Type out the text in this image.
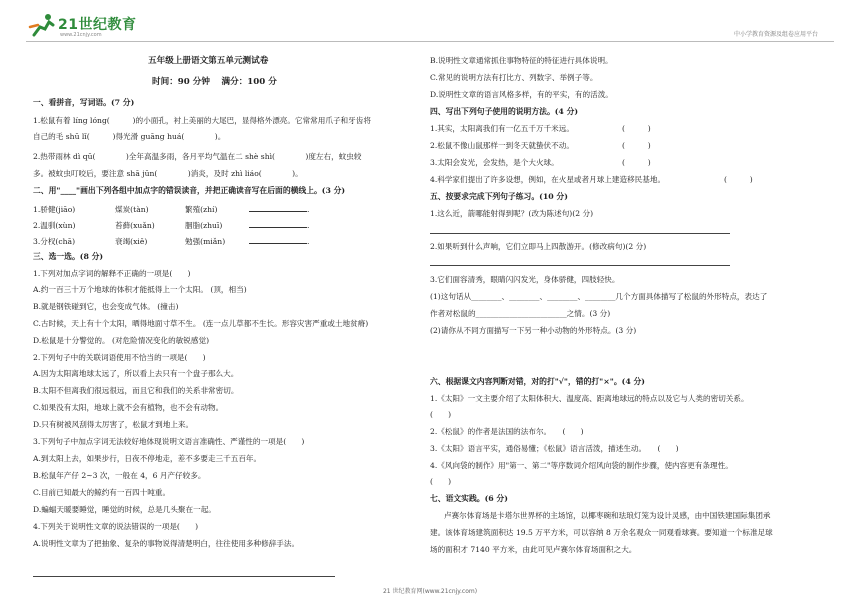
21世纪教育
www.21cnjy.com	中小学教育资源及组卷应用平台
五年级上册语文第五单元测试卷
时间：90 分钟　 满分：100 分
一、看拼音，写词语。(7 分)
1.松鼠有着 líng lóng(　　　)的小面孔，衬上美丽的大尾巴，显得格外漂亮。它常常用爪子和牙齿将
自己的毛 shū lǐ(　　　)得光滑 guāng huá(　　　　)。
2.热带雨林 dì qū(　　　　)全年高温多雨，各月平均气温在二 shè shì(　　　　)度左右，蚊虫较
多。被蚊虫叮咬后，要注意 shā jūn(　　　　)消炎，及时 zhì liáo(　　　　)。
二、用"____"画出下列各组中加点字的错误读音，并把正确读音写在后面的横线上。(3 分)
1.骄健(jiāo)	煤炭(tàn)	繁殖(zhí)	.
2.温驯(xùn)	苔藓(xuǎn)	胭脂(zhuī)	.
3.分杈(chā)	衰竭(xiě)	勉强(miǎn)	.
三、选一选。(8 分)
1.下列对加点字词的解释不正确的一项是(　　)
A.约一百三十万个地球的体积才能抵得上一个太阳。 (顶，相当)
B.就是钢铁碰到它，也会变成气体。 (撞击)
C.古时候，天上有十个太阳，晒得地面寸草不生。 (连一点儿草都不生长。形容灾害严重或土地贫瘠)
D.松鼠是十分警觉的。 (对危险情况变化的敏锐感觉)
2.下列句子中的关联词语使用不恰当的一项是(　　)
A.因为太阳离地球太远了，所以看上去只有一个盘子那么大。
B.太阳不但离我们很远很远，而且它和我们的关系非常密切。
C.如果没有太阳，地球上就不会有植物，也不会有动物。
D.只有树被风刮得太厉害了，松鼠才到地上来。
3.下列句子中加点字词无法较好地体现说明文语言准确性、严谨性的一项是(　　)
A.到太阳上去，如果步行，日夜不停地走，差不多要走三千五百年。
B.松鼠年产仔 2~3 次，一般在 4，6 月产仔较多。
C.目前已知最大的鲸约有一百四十吨重。
D.蝙蝠天暖要睡觉，睡觉的时候，总是几头聚在一起。
4.下列关于说明性文章的说法错误的一项是(　　)
A.说明性文章为了把抽象、复杂的事物说得清楚明白，往往使用多种修辞手法。
B.说明性文章通常抓住事物特征的特征进行具体说明。
C.常见的说明方法有打比方、列数字、举例子等。
D.说明性文章的语言风格多样，有的平实，有的活泼。
四、写出下列句子使用的说明方法。(4 分)
1.其实，太阳离我们有一亿五千万千米远。	(　　　)
2.松鼠不像山鼠那样一到冬天就蛰伏不动。	(　　　)
3.太阳会发光，会发热，是个大火球。	(　　　)
4.科学家们提出了许多设想，例如，在火星或者月球上建造移民基地。	(　　　)
五、按要求完成下列句子练习。(10 分)
1.这么近，箭哪能射得到呢？(改为陈述句)(2 分)
2.如果听到什么声响，它们立即马上四散游开。(修改病句)(2 分)
3.它们面容清秀，眼睛闪闪发光，身体骄健，四肢轻快。
(1)这句话从________、________、________、________几个方面具体描写了松鼠的外形特点，表达了
作者对松鼠的________________________之情。(3 分)
(2)请你从不同方面描写一下另一种小动物的外形特点。(3 分)
六、根据课文内容判断对错，对的打"√"，错的打"×"。(4 分)
1.《太阳》一文主要介绍了太阳体积大、温度高、距离地球远的特点以及它与人类的密切关系。
(　　)
2.《松鼠》的作者是法国的法布尔。　　(　　)
3.《太阳》语言平实，通俗易懂；《松鼠》语言活泼，描述生动。　　(　　)
4.《风向袋的制作》用"第一、第二"等序数词介绍风向袋的制作步骤，使内容更有条理性。
(　　)
七、语文实践。(6 分)
卢赛尔体育场是卡塔尔世界杯的主场馆，以椰枣碗和珐琅灯笼为设计灵感，由中国铁建国际集团承
建。该体育场建筑面积达 19.5 万平方米，可以容纳 8 万余名观众一同观看球赛。要知道一个标准足球
场的面积才 7140 平方米，由此可见卢赛尔体育场面积之大。
21 世纪教育网(www.21cnjy.com)
